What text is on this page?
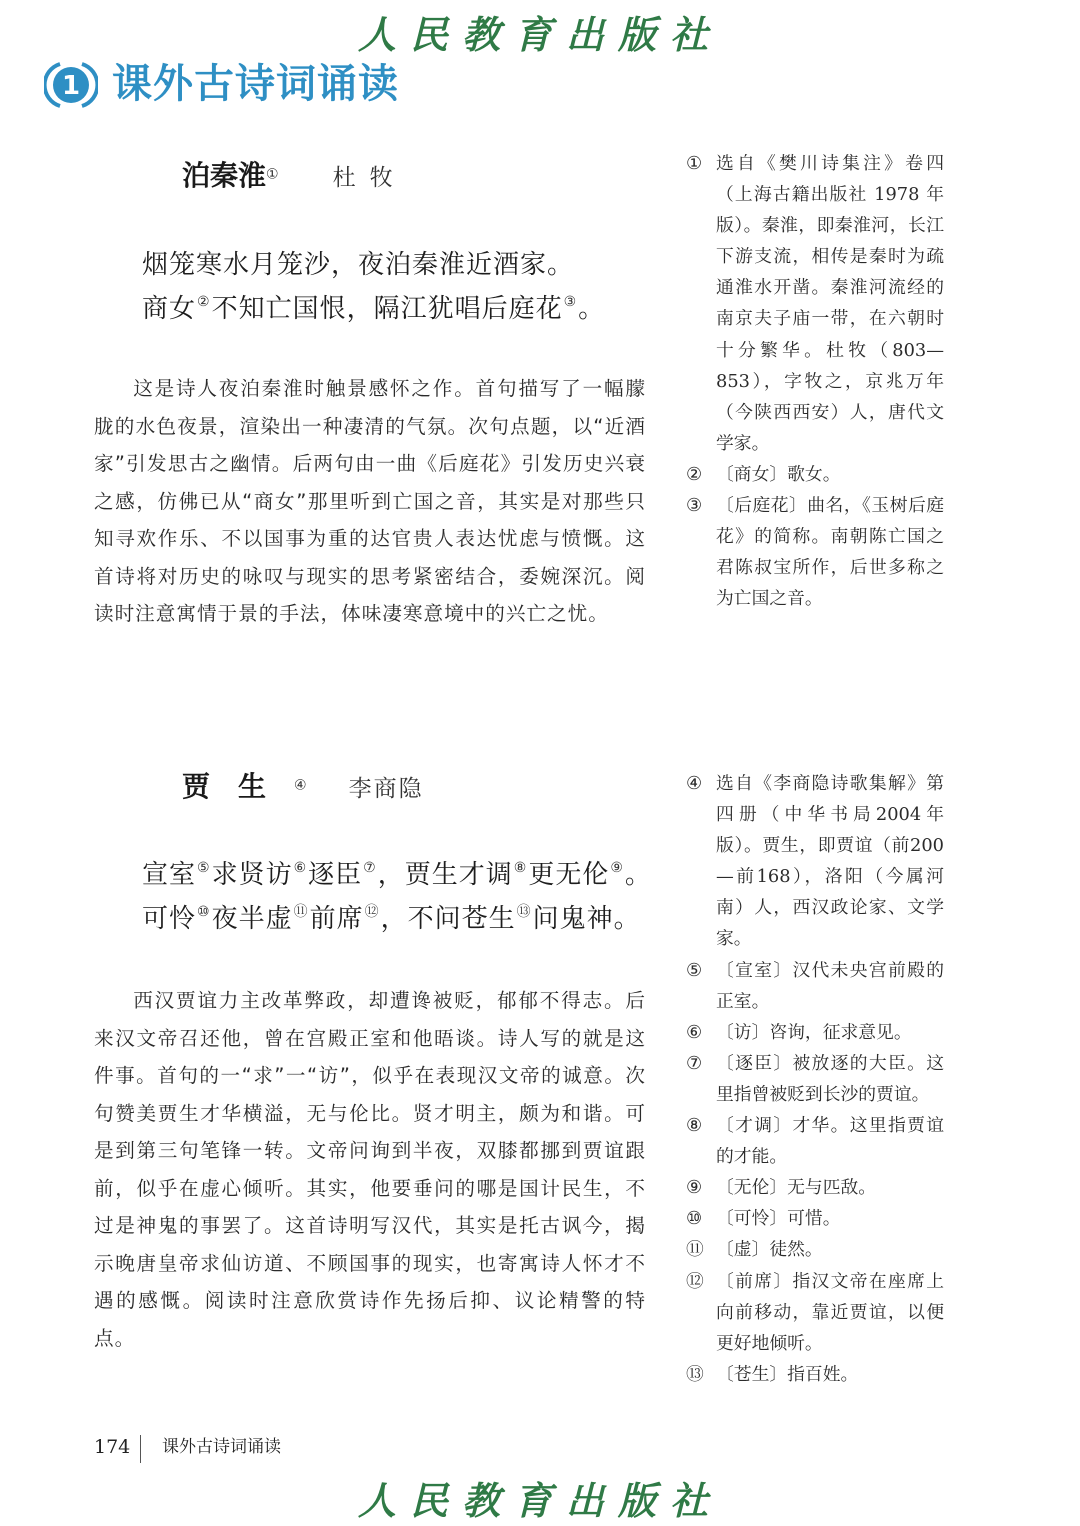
人民教育出版社
1 课外古诗词诵读
泊秦淮① 杜牧
烟笼寒水月笼沙，夜泊秦淮近酒家。
商女②不知亡国恨，隔江犹唱后庭花③。

这是诗人夜泊秦淮时触景感怀之作。首句描写了一幅朦胧的水色夜景，渲染出一种凄清的气氛。次句点题，以“近酒家”引发思古之幽情。后两句由一曲《后庭花》引发历史兴衰之感，仿佛已从“商女”那里听到亡国之音，其实是对那些只知寻欢作乐、不以国事为重的达官贵人表达忧虑与愤慨。这首诗将对历史的咏叹与现实的思考紧密结合，委婉深沉。阅读时注意寓情于景的手法，体味凄寒意境中的兴亡之忧。

① 选自《樊川诗集注》卷四（上海古籍出版社 1978 年版）。秦淮，即秦淮河，长江下游支流，相传是秦时为疏通淮水开凿。秦淮河流经的南京夫子庙一带，在六朝时十分繁华。杜牧（803—853），字牧之，京兆万年（今陕西西安）人，唐代文学家。
② 〔商女〕歌女。
③ 〔后庭花〕曲名，《玉树后庭花》的简称。南朝陈亡国之君陈叔宝所作，后世多称之为亡国之音。
贾生④ 李商隐
宣室⑤求贤访⑥逐臣⑦，贾生才调⑧更无伦⑨。
可怜⑩夜半虚⑪前席⑫，不问苍生⑬问鬼神。

西汉贾谊力主改革弊政，却遭谗被贬，郁郁不得志。后来汉文帝召还他，曾在宫殿正室和他晤谈。诗人写的就是这件事。首句的一“求”一“访”，似乎在表现汉文帝的诚意。次句赞美贾生才华横溢，无与伦比。贤才明主，颇为和谐。可是到第三句笔锋一转。文帝问询到半夜，双膝都挪到贾谊跟前，似乎在虚心倾听。其实，他要垂问的哪是国计民生，不过是神鬼的事罢了。这首诗明写汉代，其实是托古讽今，揭示晚唐皇帝求仙访道、不顾国事的现实，也寄寓诗人怀才不遇的感慨。阅读时注意欣赏诗作先扬后抑、议论精警的特点。

④ 选自《李商隐诗歌集解》第四册（中华书局2004年版）。贾生，即贾谊（前200—前168），洛阳（今属河南）人，西汉政论家、文学家。
⑤ 〔宣室〕汉代未央宫前殿的正室。
⑥ 〔访〕咨询，征求意见。
⑦ 〔逐臣〕被放逐的大臣。这里指曾被贬到长沙的贾谊。
⑧ 〔才调〕才华。这里指贾谊的才能。
⑨ 〔无伦〕无与匹敌。
⑩ 〔可怜〕可惜。
⑪ 〔虚〕徒然。
⑫ 〔前席〕指汉文帝在座席上向前移动，靠近贾谊，以便更好地倾听。
⑬ 〔苍生〕指百姓。
174 课外古诗词诵读
人民教育出版社
